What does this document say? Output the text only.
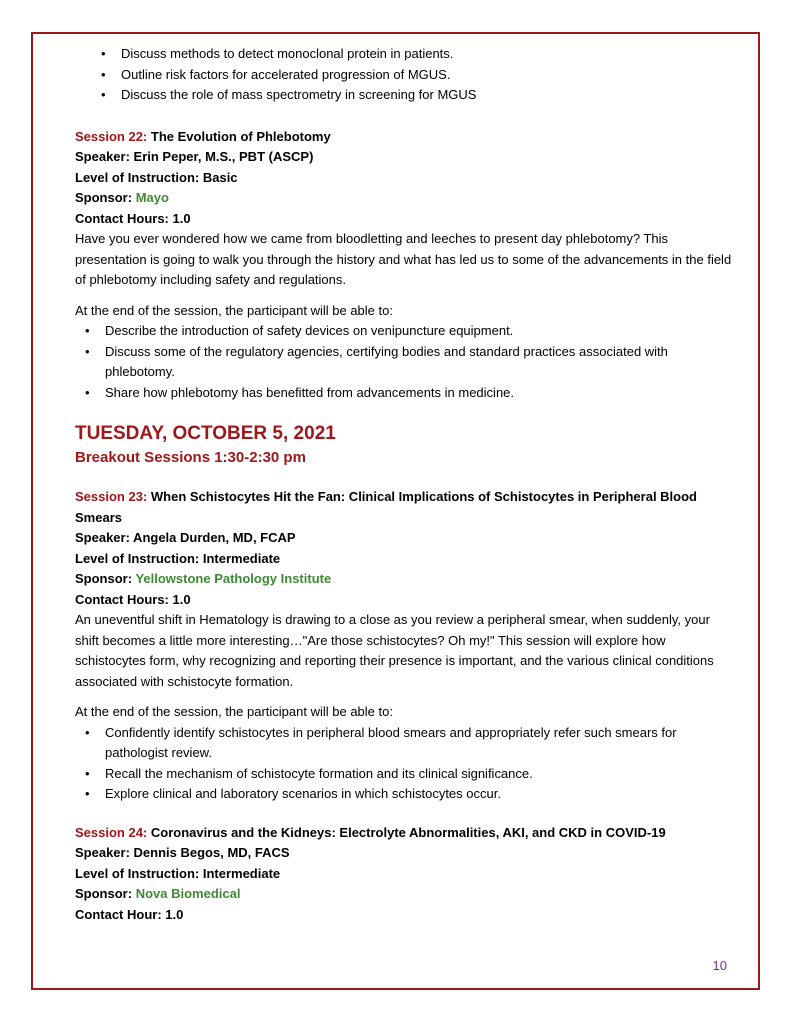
• Discuss methods to detect monoclonal protein in patients.
• Outline risk factors for accelerated progression of MGUS.
• Discuss the role of mass spectrometry in screening for MGUS
Session 22: The Evolution of Phlebotomy
Speaker: Erin Peper, M.S., PBT (ASCP)
Level of Instruction: Basic
Sponsor: Mayo
Contact Hours: 1.0

Have you ever wondered how we came from bloodletting and leeches to present day phlebotomy? This presentation is going to walk you through the history and what has led us to some of the advancements in the field of phlebotomy including safety and regulations.

At the end of the session, the participant will be able to:

• Describe the introduction of safety devices on venipuncture equipment.
• Discuss some of the regulatory agencies, certifying bodies and standard practices associated with phlebotomy.
• Share how phlebotomy has benefitted from advancements in medicine.
TUESDAY, OCTOBER 5, 2021
Breakout Sessions 1:30-2:30 pm
Session 23: When Schistocytes Hit the Fan: Clinical Implications of Schistocytes in Peripheral Blood Smears
Speaker: Angela Durden, MD, FCAP
Level of Instruction: Intermediate
Sponsor: Yellowstone Pathology Institute
Contact Hours: 1.0

An uneventful shift in Hematology is drawing to a close as you review a peripheral smear, when suddenly, your shift becomes a little more interesting…"Are those schistocytes? Oh my!" This session will explore how schistocytes form, why recognizing and reporting their presence is important, and the various clinical conditions associated with schistocyte formation.

At the end of the session, the participant will be able to:

• Confidently identify schistocytes in peripheral blood smears and appropriately refer such smears for pathologist review.
• Recall the mechanism of schistocyte formation and its clinical significance.
• Explore clinical and laboratory scenarios in which schistocytes occur.
Session 24: Coronavirus and the Kidneys: Electrolyte Abnormalities, AKI, and CKD in COVID-19
Speaker: Dennis Begos, MD, FACS
Level of Instruction: Intermediate
Sponsor: Nova Biomedical
Contact Hour: 1.0
10
